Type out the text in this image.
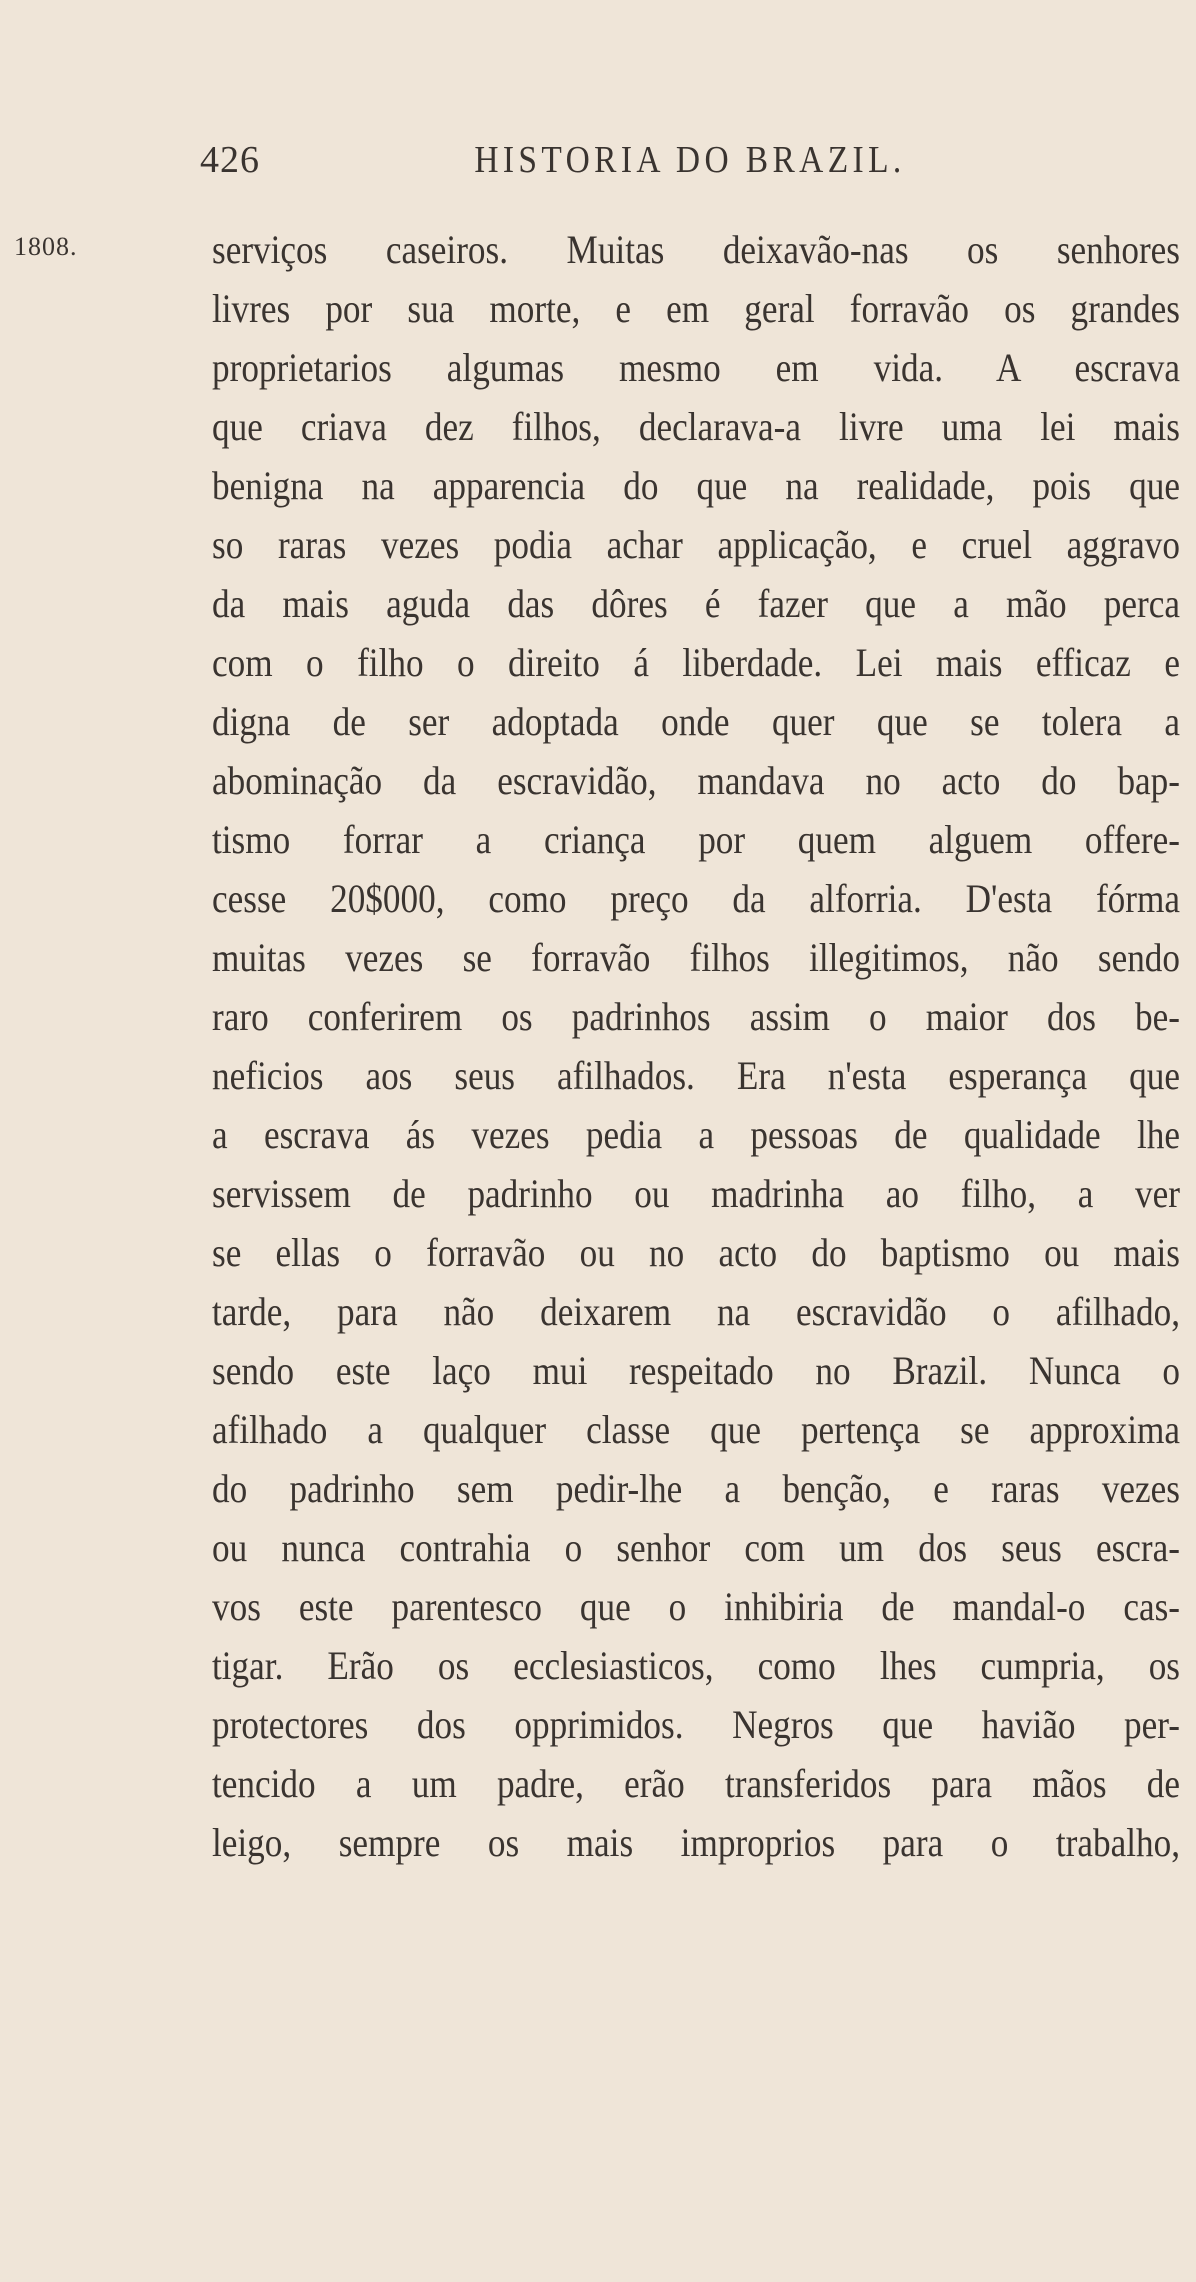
426	HISTORIA DO BRAZIL.
1808.	serviços caseiros. Muitas deixavão-nas os senhores
livres por sua morte, e em geral forravão os grandes
proprietarios algumas mesmo em vida. A escrava
que criava dez filhos, declarava-a livre uma lei mais
benigna na apparencia do que na realidade, pois que
so raras vezes podia achar applicação, e cruel aggravo
da mais aguda das dôres é fazer que a mão perca
com o filho o direito á liberdade. Lei mais efficaz e
digna de ser adoptada onde quer que se tolera a
abominação da escravidão, mandava no acto do bap-
tismo forrar a criança por quem alguem offere-
cesse 20$000, como preço da alforria. D'esta fórma
muitas vezes se forravão filhos illegitimos, não sendo
raro conferirem os padrinhos assim o maior dos be-
neficios aos seus afilhados. Era n'esta esperança que
a escrava ás vezes pedia a pessoas de qualidade lhe
servissem de padrinho ou madrinha ao filho, a ver
se ellas o forravão ou no acto do baptismo ou mais
tarde, para não deixarem na escravidão o afilhado,
sendo este laço mui respeitado no Brazil. Nunca o
afilhado a qualquer classe que pertença se approxima
do padrinho sem pedir-lhe a benção, e raras vezes
ou nunca contrahia o senhor com um dos seus escra-
vos este parentesco que o inhibiria de mandal-o cas-
tigar. Erão os ecclesiasticos, como lhes cumpria, os
protectores dos opprimidos. Negros que havião per-
tencido a um padre, erão transferidos para mãos de
leigo, sempre os mais improprios para o trabalho,
